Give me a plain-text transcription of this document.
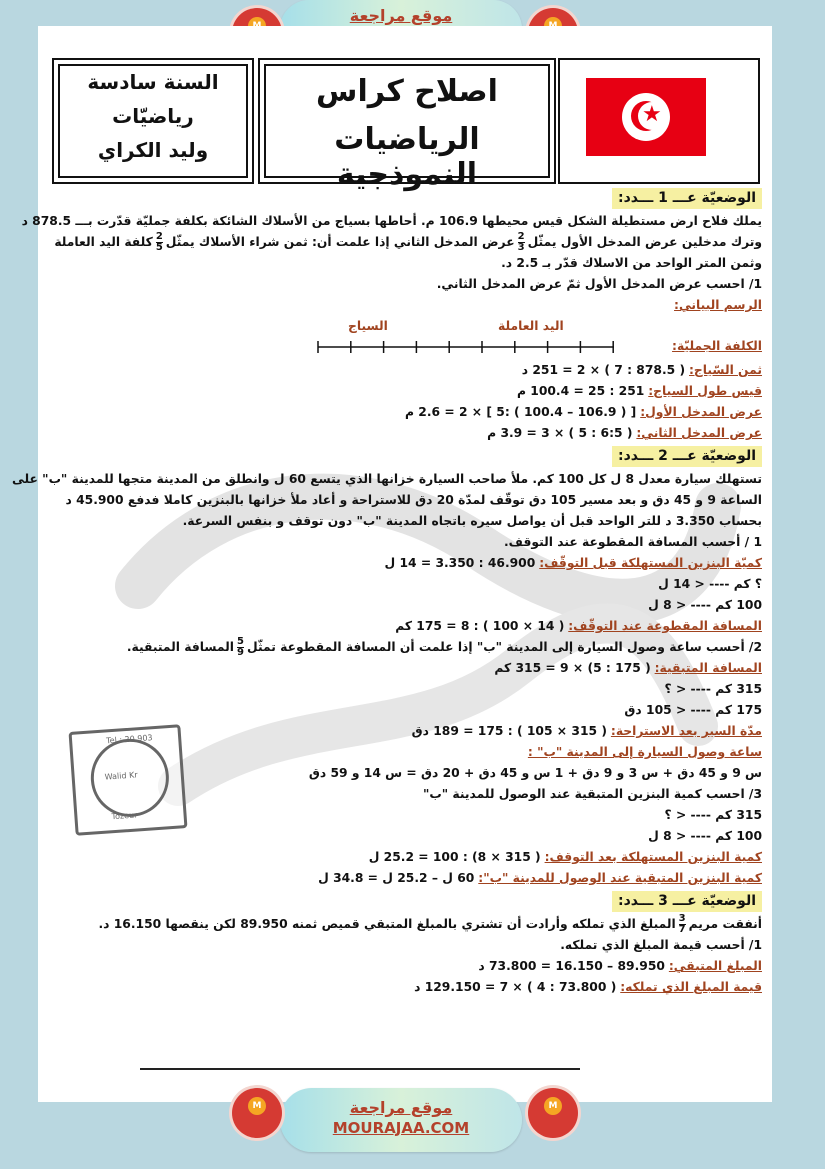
موقع مراجعة
★
اصلاح كراس
الرياضيات النموذجية
السنة سادسة
رياضيّات
وليد الكراي
الوضعيّة عـــ 1 ـــدد:
يملك فلاح ارض مستطيلة الشكل قيس محيطها 106.9 م. أحاطها بسياج من الأسلاك الشائكة بكلفة جمليّة قدّرت بـــ 878.5 د
وترك مدخلين عرض المدخل الأول يمثّل
$\frac{2}{3}$
عرض المدخل الثاني إذا علمت أن: ثمن شراء الأسلاك يمثّل
$\frac{2}{5}$
كلفة اليد العاملة
وثمن المتر الواحد من الاسلاك قدّر بـ 2.5 د.
1/ احسب عرض المدخل الأول ثمّ عرض المدخل الثاني.
الرسم البياني:
الكلفة الجمليّة:
السياج	اليد العاملة
ثمن السّياج: ( 878.5 : 7 ) × 2 = 251 د
قيس طول السياج: 251 : 25 = 100.4 م
عرض المدخل الأول: [ ( 106.9 – 100.4 ) :5 ] × 2 = 2.6 م
عرض المدخل الثاني: ( 6:5 : 5 ) × 3 = 3.9 م
الوضعيّة عـــ 2 ـــدد:
تستهلك سيارة معدل 8 ل كل 100 كم. ملأ صاحب السيارة خزانها الذي يتسع 60 ل وانطلق من المدينة متجها للمدينة "ب" على
الساعة 9 و 45 دق و بعد مسير 105 دق توقّف لمدّة 20 دق للاستراحة و أعاد ملأ خزانها بالبنزين كاملا فدفع 45.900 د
بحساب 3.350 د للتر الواحد قبل أن يواصل سيره باتجاه المدينة "ب" دون توقف و بنفس السرعة.
1 / أحسب المسافة المقطوعة عند التوقف.
كميّة البنزين المستهلكة قبل التوقّف: 46.900 : 3.350 = 14 ل
؟ كم ---- < 14 ل
100 كم ---- < 8 ل
المسافة المقطوعة عند التوقّف: ( 14 × 100 ) : 8 = 175 كم
2/ أحسب ساعة وصول السيارة إلى المدينة "ب" إذا علمت أن المسافة المقطوعة تمثّل
$\frac{5}{9}$
المسافة المتبقية.
المسافة المتبقية: ( 175 : 5) × 9 = 315 كم
315 كم ---- < ؟
175 كم ---- < 105 دق
مدّة السير بعد الاستراحة: ( 315 × 105 ) : 175 = 189 دق
ساعة وصول السيارة إلى المدينة "ب" :
س 9 و 45 دق + س 3 و 9 دق + 1 س و 45 دق + 20 دق = س 14 و 59 دق
3/ احسب كمية البنزين المتبقية عند الوصول للمدينة "ب"
315 كم ---- < ؟
100 كم ---- < 8 ل
كمية البنزين المستهلكة بعد التوقف: ( 315 × 8) : 100 = 25.2 ل
كمية البنزين المتبقية عند الوصول للمدينة "ب": 60 ل – 25.2 ل = 34.8 ل
الوضعيّة عـــ 3 ـــدد:
أنفقت مريم
$\frac{3}{7}$
المبلغ الذي تملكه وأرادت أن تشتري بالمبلغ المتبقي قميص ثمنه 89.950 لكن ينقصها 16.150 د.
1/ أحسب قيمة المبلغ الذي تملكه.
المبلغ المتبقي: 89.950 – 16.150 = 73.800 د
قيمة المبلغ الذي تملكه: ( 73.800 : 4 ) × 7 = 129.150 د
Tel : 20 903
Walid Kr
Tozeur
موقع مراجعة
MOURAJAA.COM
M	M
